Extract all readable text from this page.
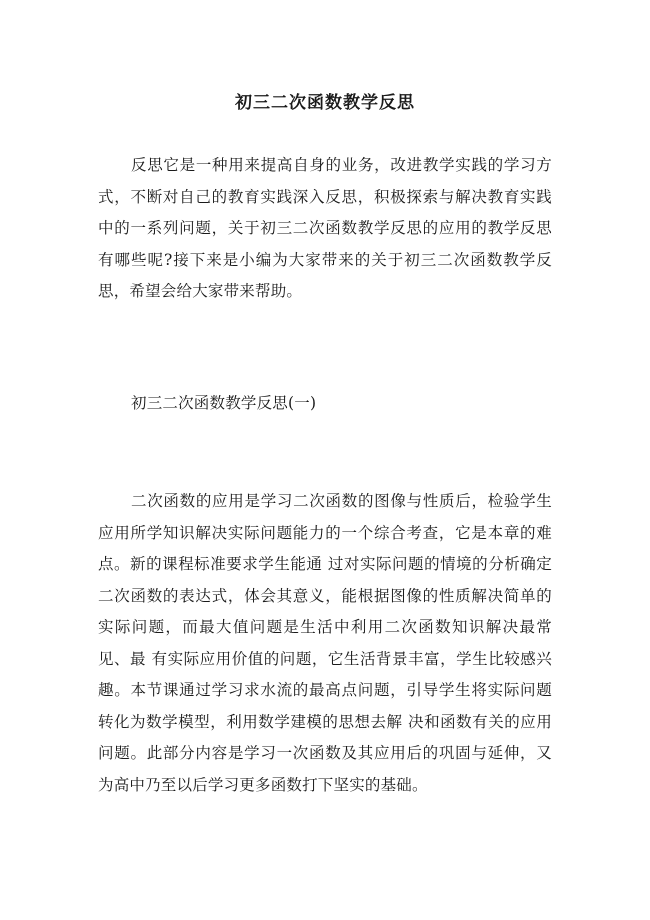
初三二次函数教学反思

反思它是一种用来提高自身的业务，改进教学实践的学习方式，不断对自己的教育实践深入反思，积极探索与解决教育实践中的一系列问题，关于初三二次函数教学反思的应用的教学反思有哪些呢?接下来是小编为大家带来的关于初三二次函数教学反思，希望会给大家带来帮助。

初三二次函数教学反思(一)

二次函数的应用是学习二次函数的图像与性质后，检验学生应用所学知识解决实际问题能力的一个综合考查，它是本章的难点。新的课程标准要求学生能通 过对实际问题的情境的分析确定二次函数的表达式，体会其意义，能根据图像的性质解决简单的实际问题，而最大值问题是生活中利用二次函数知识解决最常见、最 有实际应用价值的问题，它生活背景丰富，学生比较感兴趣。本节课通过学习求水流的最高点问题，引导学生将实际问题转化为数学模型，利用数学建模的思想去解 决和函数有关的应用问题。此部分内容是学习一次函数及其应用后的巩固与延伸，又为高中乃至以后学习更多函数打下坚实的基础。
